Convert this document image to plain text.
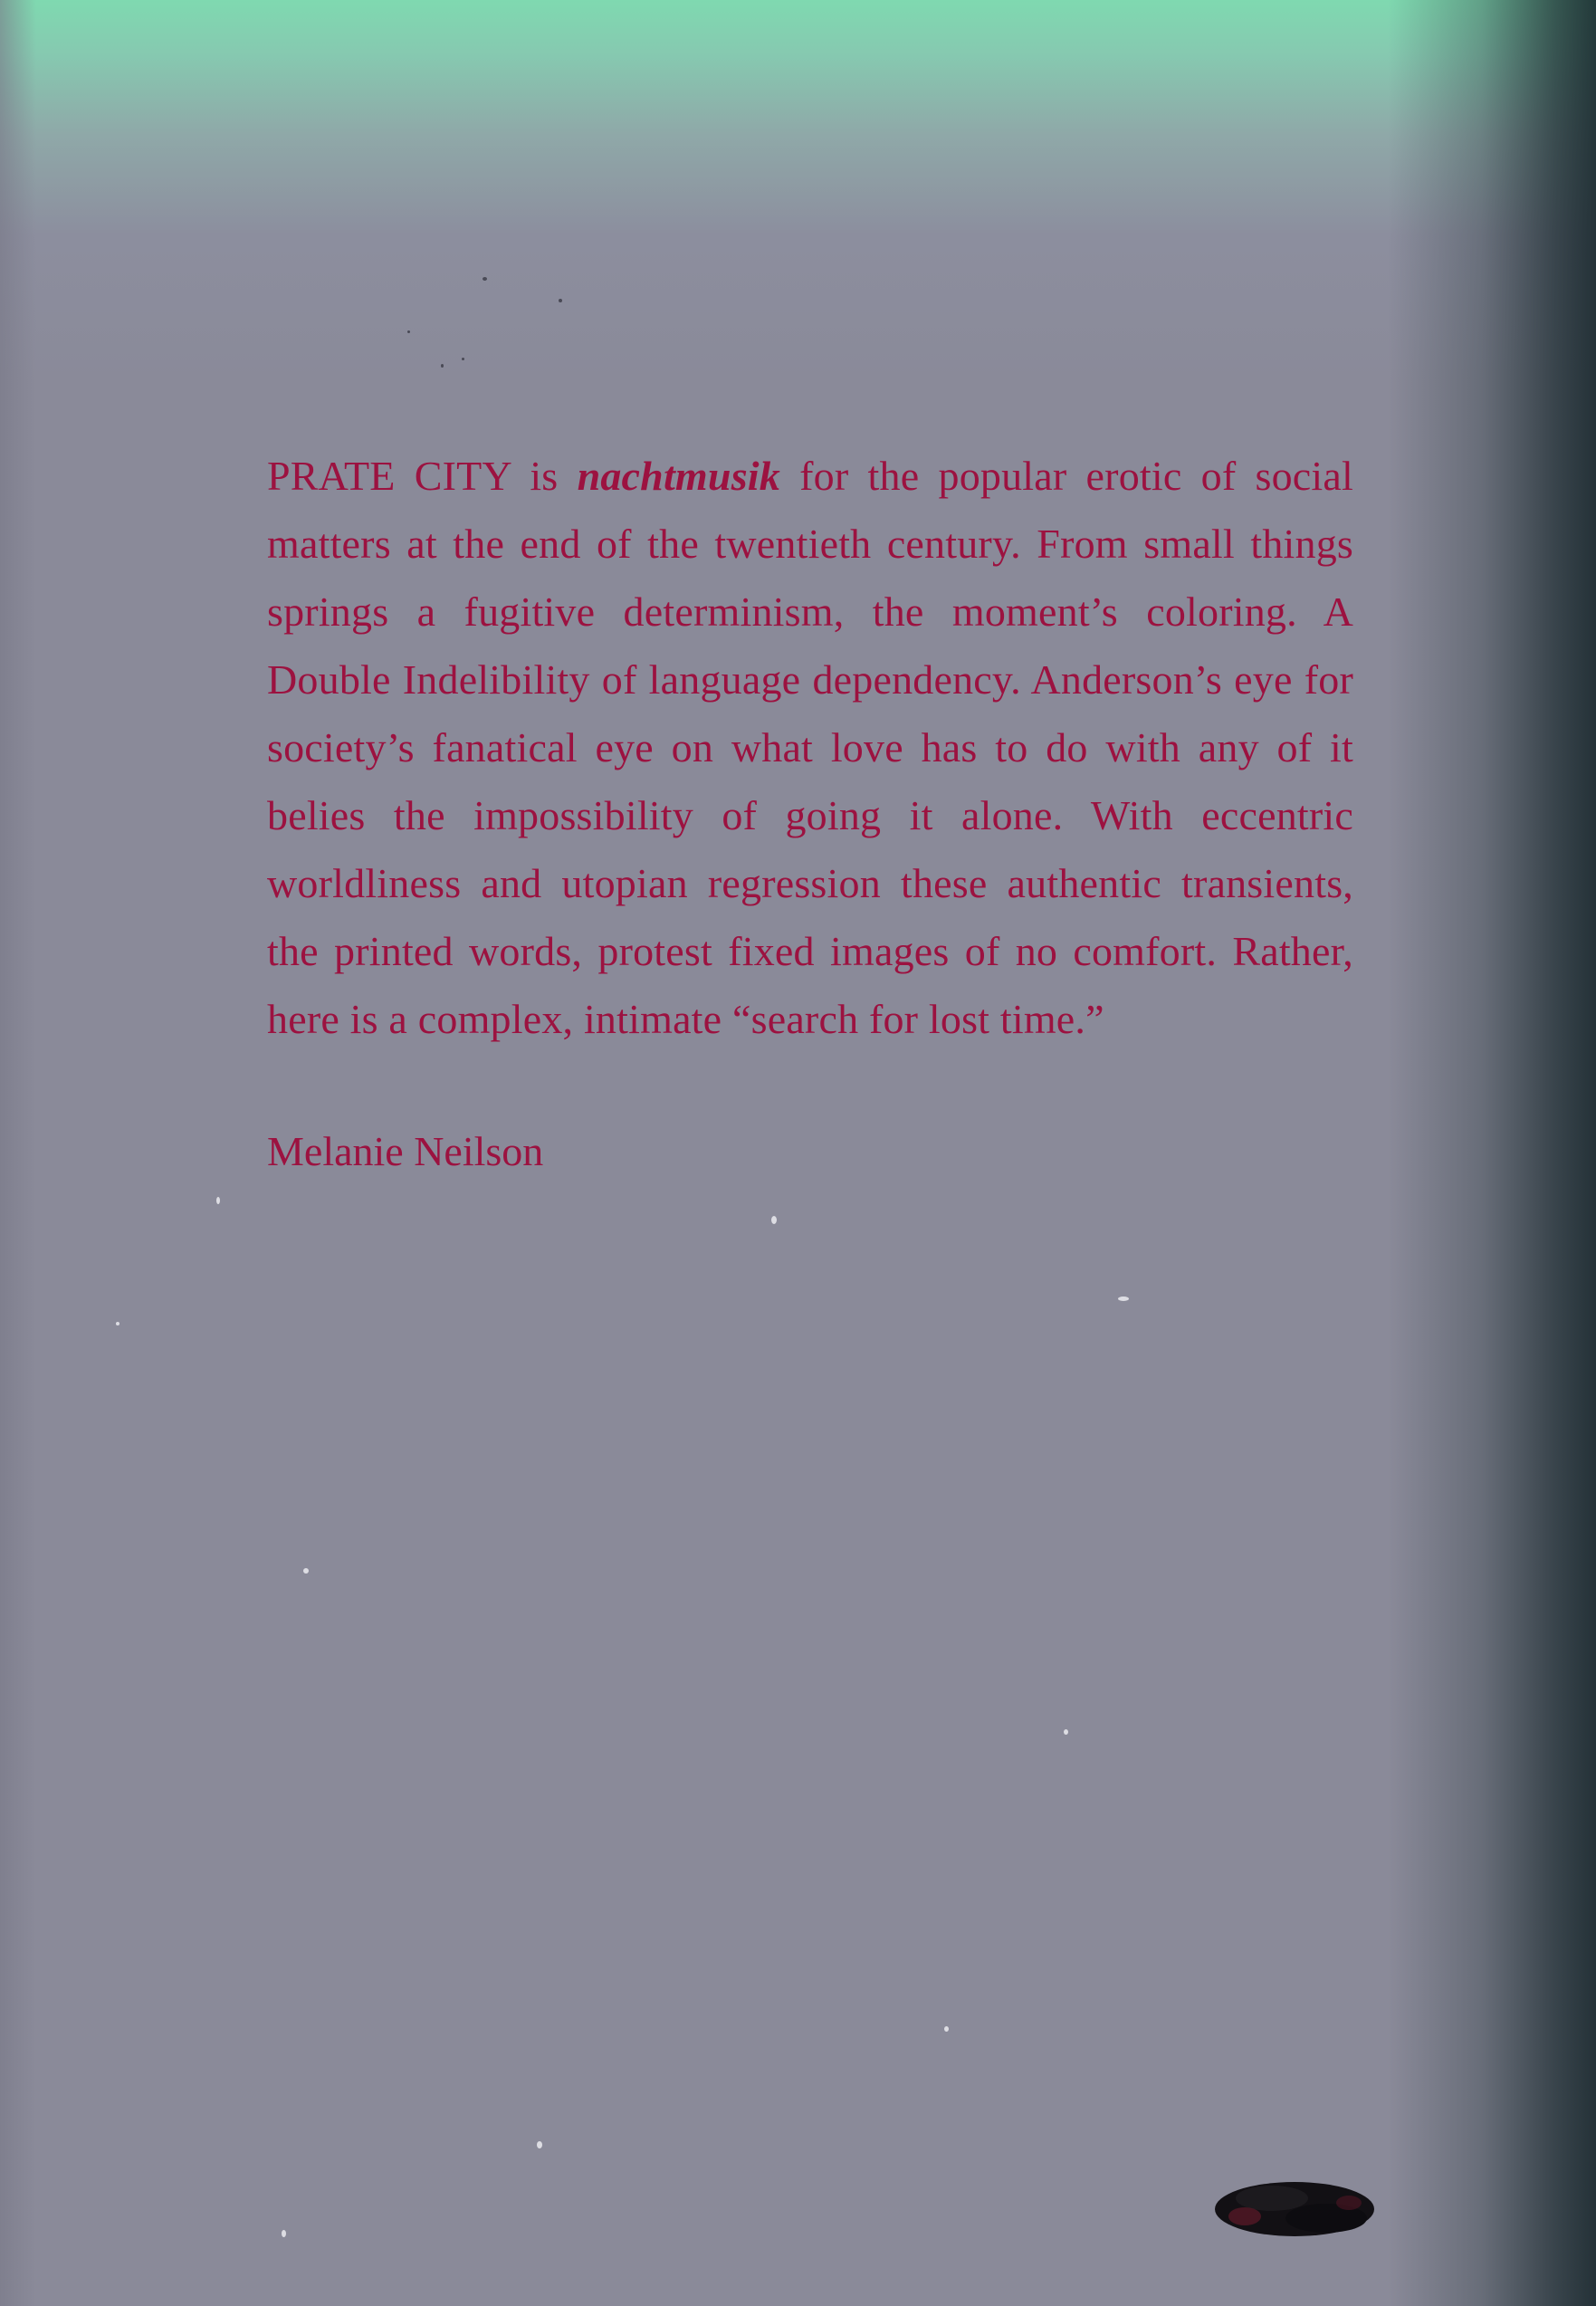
PRATE CITY is nachtmusik for the popular erotic of social matters at the end of the twentieth century. From small things springs a fugitive determinism, the moment’s coloring. A Double Indelibility of language dependency. Anderson’s eye for society’s fanatical eye on what love has to do with any of it belies the impossibility of going it alone. With eccentric worldliness and utopian regression these authentic transients, the printed words, protest fixed images of no comfort. Rather, here is a complex, intimate “search for lost time.”

Melanie Neilson
